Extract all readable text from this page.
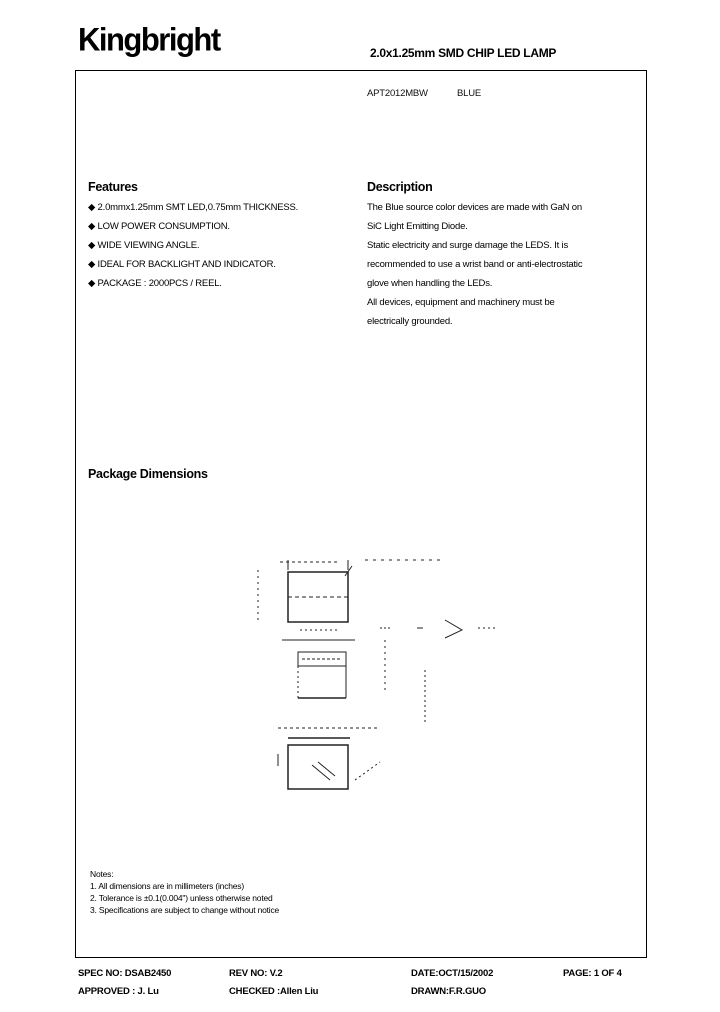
Kingbright	2.0x1.25mm SMD CHIP LED LAMP
APT2012MBW	BLUE
Features
◆ 2.0mmx1.25mm SMT LED,0.75mm THICKNESS.
◆ LOW POWER CONSUMPTION.
◆ WIDE VIEWING ANGLE.
◆ IDEAL FOR BACKLIGHT AND INDICATOR.
◆ PACKAGE : 2000PCS / REEL.
Description
The Blue source color devices are made with GaN on
SiC Light Emitting Diode.
Static electricity and surge damage the LEDS. It is
recommended to use a wrist band or anti-electrostatic
glove when handling the LEDs.
All devices, equipment and machinery must be
electrically grounded.
Package Dimensions
Notes:
1. All dimensions are in millimeters (inches)
2. Tolerance is ±0.1(0.004") unless otherwise noted
3. Specifications are subject to change without notice
SPEC NO: DSAB2450	REV NO: V.2	DATE:OCT/15/2002	PAGE: 1 OF 4
APPROVED : J. Lu	CHECKED :Allen Liu	DRAWN:F.R.GUO
